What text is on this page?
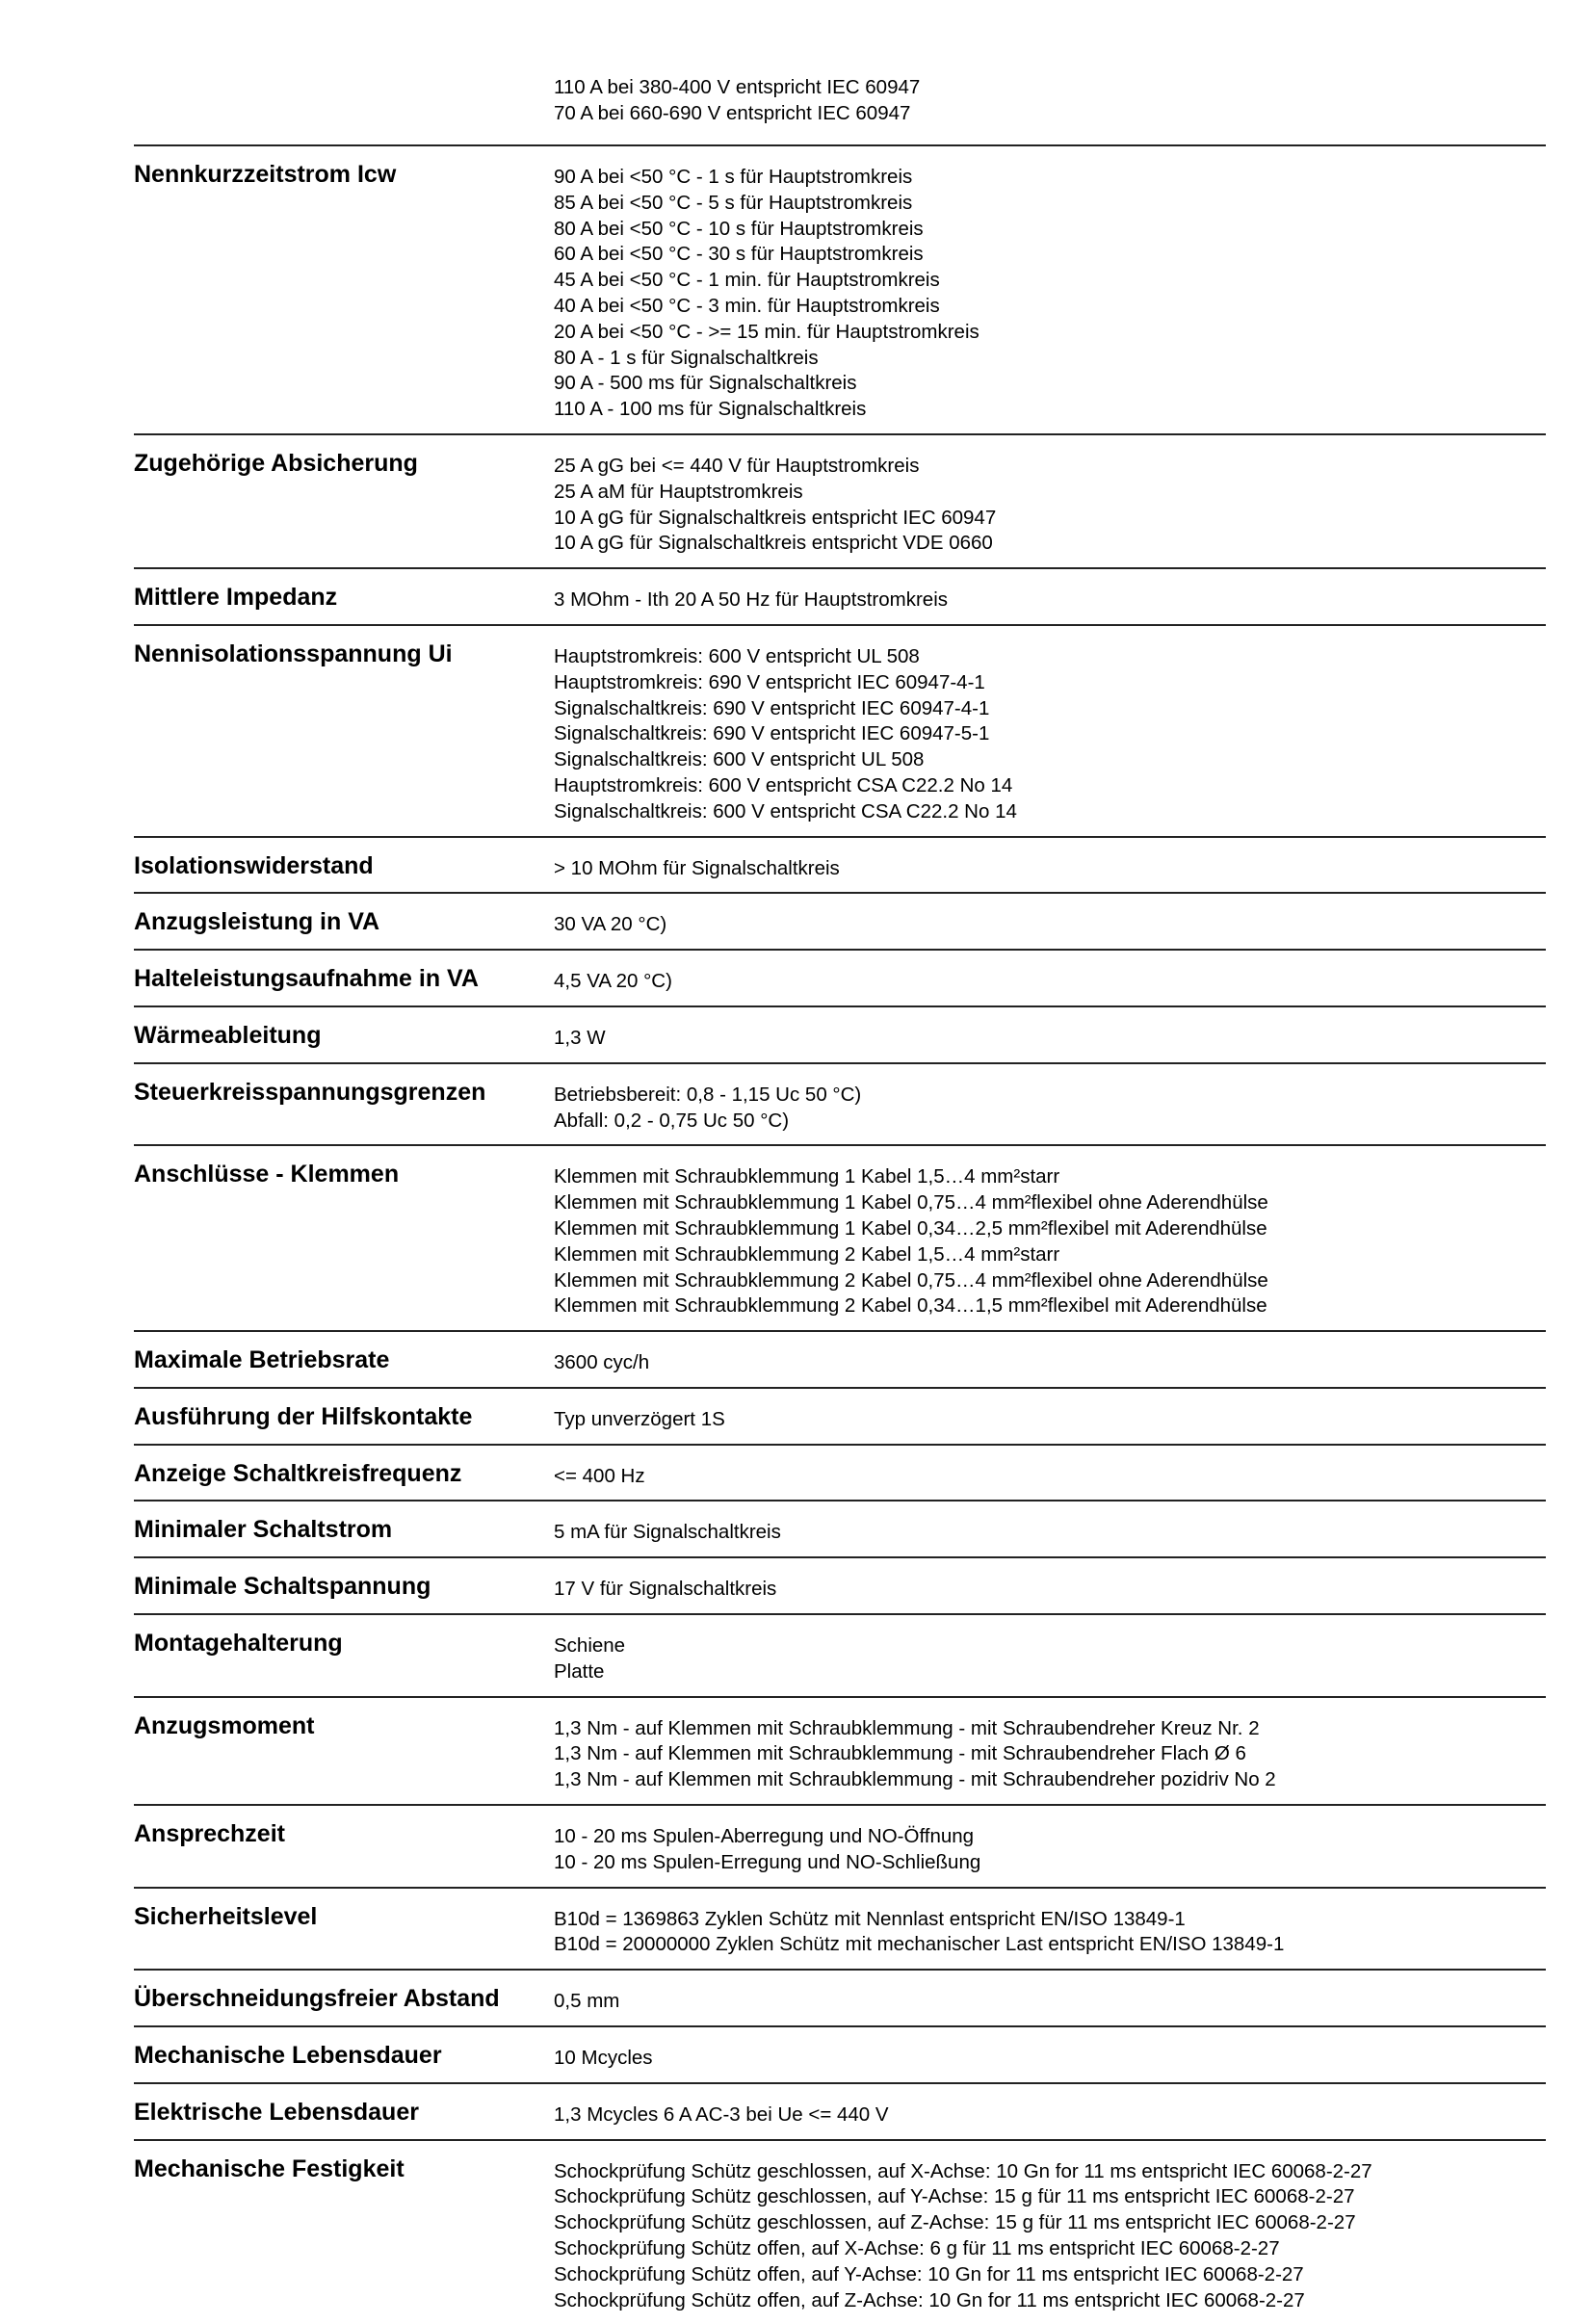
110 A bei 380-400 V entspricht IEC 60947
70 A bei 660-690 V entspricht IEC 60947
Nennkurzzeitstrom Icw	90 A bei <50 °C - 1 s für Hauptstromkreis
85 A bei <50 °C - 5 s für Hauptstromkreis
80 A bei <50 °C - 10 s für Hauptstromkreis
60 A bei <50 °C - 30 s für Hauptstromkreis
45 A bei <50 °C - 1 min. für Hauptstromkreis
40 A bei <50 °C - 3 min. für Hauptstromkreis
20 A bei <50 °C - >= 15 min. für Hauptstromkreis
80 A - 1 s für Signalschaltkreis
90 A - 500 ms für Signalschaltkreis
110 A - 100 ms für Signalschaltkreis
Zugehörige Absicherung	25 A gG bei <= 440 V für Hauptstromkreis
25 A aM für Hauptstromkreis
10 A gG für Signalschaltkreis entspricht IEC 60947
10 A gG für Signalschaltkreis entspricht VDE 0660
Mittlere Impedanz	3 MOhm - Ith 20 A 50 Hz für Hauptstromkreis
Nennisolationsspannung Ui	Hauptstromkreis: 600 V entspricht UL 508
Hauptstromkreis: 690 V entspricht IEC 60947-4-1
Signalschaltkreis: 690 V entspricht IEC 60947-4-1
Signalschaltkreis: 690 V entspricht IEC 60947-5-1
Signalschaltkreis: 600 V entspricht UL 508
Hauptstromkreis: 600 V entspricht CSA C22.2 No 14
Signalschaltkreis: 600 V entspricht CSA C22.2 No 14
Isolationswiderstand	> 10 MOhm für Signalschaltkreis
Anzugsleistung in VA	30 VA 20 °C)
Halteleistungsaufnahme in VA	4,5 VA 20 °C)
Wärmeableitung	1,3 W
Steuerkreisspannungsgrenzen	Betriebsbereit: 0,8 - 1,15 Uc 50 °C)
Abfall: 0,2 - 0,75 Uc 50 °C)
Anschlüsse - Klemmen	Klemmen mit Schraubklemmung 1 Kabel 1,5…4 mm²starr
Klemmen mit Schraubklemmung 1 Kabel 0,75…4 mm²flexibel ohne Aderendhülse
Klemmen mit Schraubklemmung 1 Kabel 0,34…2,5 mm²flexibel mit Aderendhülse
Klemmen mit Schraubklemmung 2 Kabel 1,5…4 mm²starr
Klemmen mit Schraubklemmung 2 Kabel 0,75…4 mm²flexibel ohne Aderendhülse
Klemmen mit Schraubklemmung 2 Kabel 0,34…1,5 mm²flexibel mit Aderendhülse
Maximale Betriebsrate	3600 cyc/h
Ausführung der Hilfskontakte	Typ unverzögert 1S
Anzeige Schaltkreisfrequenz	<= 400 Hz
Minimaler Schaltstrom	5 mA für Signalschaltkreis
Minimale Schaltspannung	17 V für Signalschaltkreis
Montagehalterung	Schiene
Platte
Anzugsmoment	1,3 Nm - auf Klemmen mit Schraubklemmung - mit Schraubendreher Kreuz Nr. 2
1,3 Nm - auf Klemmen mit Schraubklemmung - mit Schraubendreher Flach Ø 6
1,3 Nm - auf Klemmen mit Schraubklemmung - mit Schraubendreher pozidriv No 2
Ansprechzeit	10 - 20 ms Spulen-Aberregung und NO-Öffnung
10 - 20 ms Spulen-Erregung und NO-Schließung
Sicherheitslevel	B10d = 1369863 Zyklen Schütz mit Nennlast entspricht EN/ISO 13849-1
B10d = 20000000 Zyklen Schütz mit mechanischer Last entspricht EN/ISO 13849-1
Überschneidungsfreier Abstand	0,5 mm
Mechanische Lebensdauer	10 Mcycles
Elektrische Lebensdauer	1,3 Mcycles 6 A AC-3 bei Ue <= 440 V
Mechanische Festigkeit	Schockprüfung Schütz geschlossen, auf X-Achse: 10 Gn for 11 ms entspricht IEC 60068-2-27
Schockprüfung Schütz geschlossen, auf Y-Achse: 15 g für 11 ms entspricht IEC 60068-2-27
Schockprüfung Schütz geschlossen, auf Z-Achse: 15 g für 11 ms entspricht IEC 60068-2-27
Schockprüfung Schütz offen, auf X-Achse: 6 g für 11 ms entspricht IEC 60068-2-27
Schockprüfung Schütz offen, auf Y-Achse: 10 Gn for 11 ms entspricht IEC 60068-2-27
Schockprüfung Schütz offen, auf Z-Achse: 10 Gn for 11 ms entspricht IEC 60068-2-27
